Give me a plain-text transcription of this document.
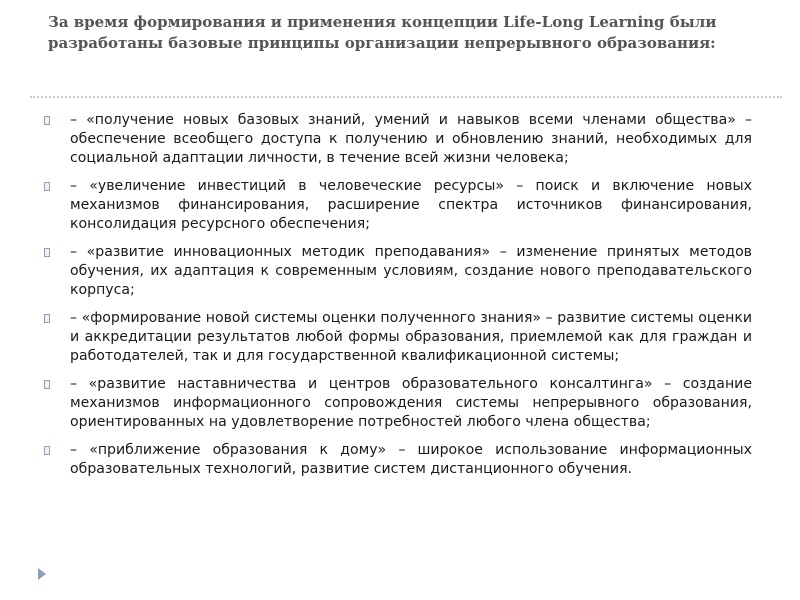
За время формирования и применения концепции Life-Long Learning были разработаны базовые принципы организации непрерывного образования:
– «получение новых базовых знаний, умений и навыков всеми членами общества» – обеспечение всеобщего доступа к получению и обновлению знаний, необходимых для социальной адаптации личности, в течение всей жизни человека;
– «увеличение инвестиций в человеческие ресурсы» – поиск и включение новых механизмов финансирования, расширение спектра источников финансирования, консолидация ресурсного обеспечения;
– «развитие инновационных методик преподавания» – изменение принятых методов обучения, их адаптация к современным условиям, создание нового преподавательского корпуса;
– «формирование новой системы оценки полученного знания» – развитие системы оценки и аккредитации результатов любой формы образования, приемлемой как для граждан и работодателей, так и для государственной квалификационной системы;
– «развитие наставничества и центров образовательного консалтинга» – создание механизмов информационного сопровождения системы непрерывного образования, ориентированных на удовлетворение потребностей любого члена общества;
– «приближение образования к дому» – широкое использование информационных образовательных технологий, развитие систем дистанционного обучения.
